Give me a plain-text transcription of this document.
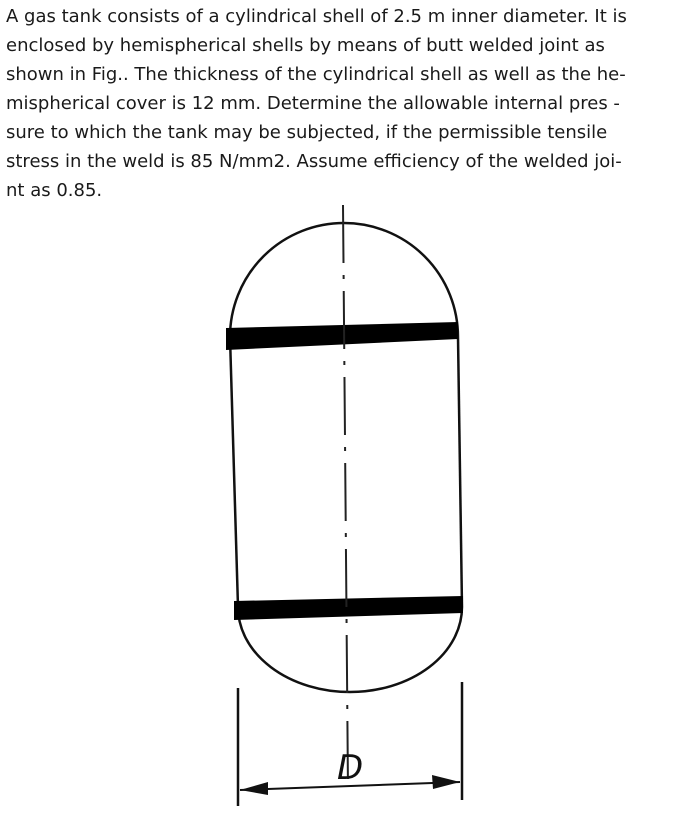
A gas tank consists of a cylindrical shell of 2.5 m inner diameter. It is
enclosed by hemispherical shells by means of butt welded joint as
shown in Fig.. The thickness of the cylindrical shell as well as the he-
mispherical cover is 12 mm. Determine the allowable internal pres -
sure to which the tank may be subjected, if the permissible tensile
stress in the weld is 85 N/mm2. Assume efficiency of the welded joi-
nt as 0.85.
D
